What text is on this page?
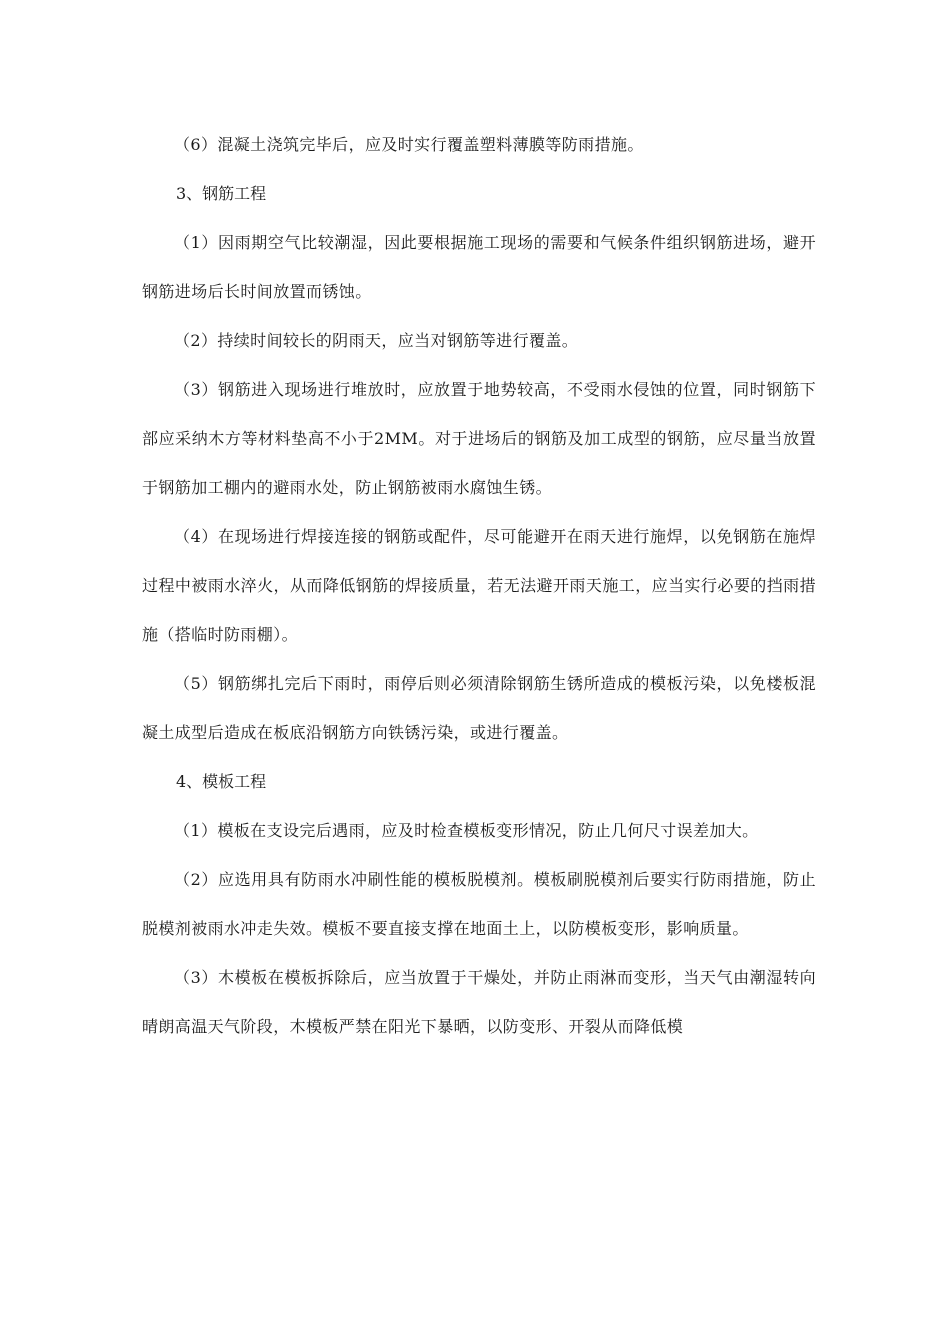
（6）混凝土浇筑完毕后，应及时实行覆盖塑料薄膜等防雨措施。

3、钢筋工程

（1）因雨期空气比较潮湿，因此要根据施工现场的需要和气候条件组织钢筋进场，避开钢筋进场后长时间放置而锈蚀。

（2）持续时间较长的阴雨天，应当对钢筋等进行覆盖。

（3）钢筋进入现场进行堆放时，应放置于地势较高，不受雨水侵蚀的位置，同时钢筋下部应采纳木方等材料垫高不小于2MM。对于进场后的钢筋及加工成型的钢筋，应尽量当放置于钢筋加工棚内的避雨水处，防止钢筋被雨水腐蚀生锈。

（4）在现场进行焊接连接的钢筋或配件，尽可能避开在雨天进行施焊，以免钢筋在施焊过程中被雨水淬火，从而降低钢筋的焊接质量，若无法避开雨天施工，应当实行必要的挡雨措施（搭临时防雨棚）。

（5）钢筋绑扎完后下雨时，雨停后则必须清除钢筋生锈所造成的模板污染，以免楼板混凝土成型后造成在板底沿钢筋方向铁锈污染，或进行覆盖。

4、模板工程

（1）模板在支设完后遇雨，应及时检查模板变形情况，防止几何尺寸误差加大。

（2）应选用具有防雨水冲刷性能的模板脱模剂。模板刷脱模剂后要实行防雨措施，防止脱模剂被雨水冲走失效。模板不要直接支撑在地面土上，以防模板变形，影响质量。

（3）木模板在模板拆除后，应当放置于干燥处，并防止雨淋而变形，当天气由潮湿转向晴朗高温天气阶段，木模板严禁在阳光下暴晒，以防变形、开裂从而降低模
